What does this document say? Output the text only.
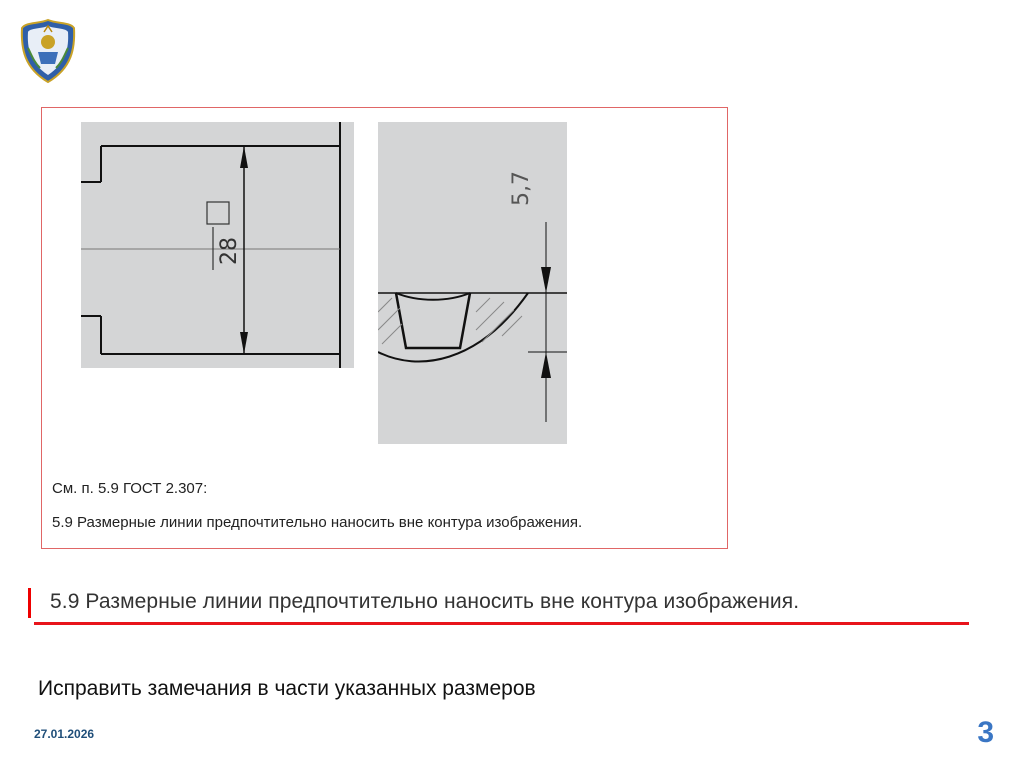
28
5,7
См. п. 5.9 ГОСТ 2.307:
5.9 Размерные линии предпочтительно наносить вне контура изображения.
5.9 Размерные линии предпочтительно наносить вне контура изображения.
Исправить замечания в части указанных размеров
27.01.2026	3
